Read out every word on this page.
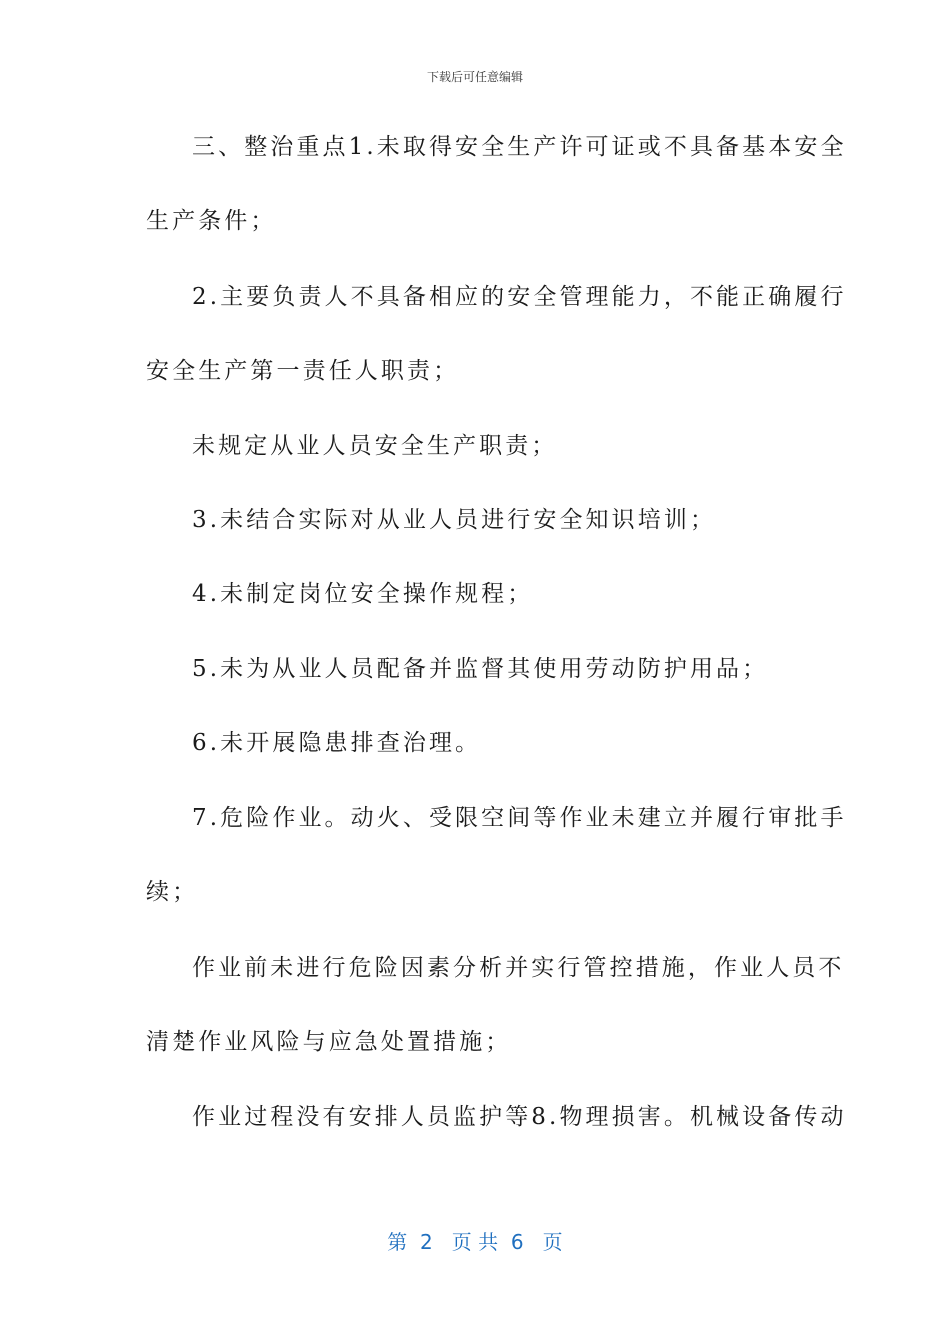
下载后可任意编辑
三、整治重点1.未取得安全生产许可证或不具备基本安全
生产条件；
2.主要负责人不具备相应的安全管理能力，不能正确履行
安全生产第一责任人职责；
未规定从业人员安全生产职责；
3.未结合实际对从业人员进行安全知识培训；
4.未制定岗位安全操作规程；
5.未为从业人员配备并监督其使用劳动防护用品；
6.未开展隐患排查治理。
7.危险作业。动火、受限空间等作业未建立并履行审批手
续；
作业前未进行危险因素分析并实行管控措施，作业人员不
清楚作业风险与应急处置措施；
作业过程没有安排人员监护等8.物理损害。机械设备传动
第  2   页 共  6   页
